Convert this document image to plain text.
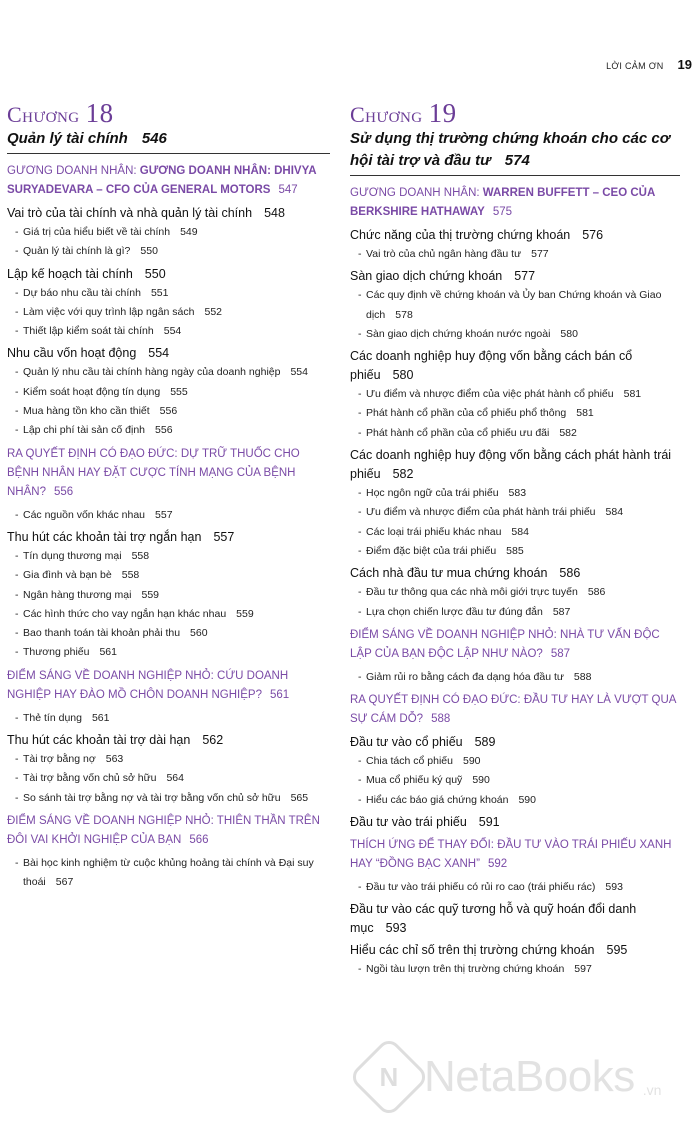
LỜI CẢM ƠN 19
Chương 18
Quản lý tài chính 546
GƯƠNG DOANH NHÂN: GƯƠNG DOANH NHÂN: DHIVYA SURYADEVARA – CFO CỦA GENERAL MOTORS 547
Vai trò của tài chính và nhà quản lý tài chính 548
- Giá trị của hiểu biết về tài chính 549
- Quản lý tài chính là gì? 550
Lập kế hoạch tài chính 550
- Dự báo nhu cầu tài chính 551
- Làm việc với quy trình lập ngân sách 552
- Thiết lập kiểm soát tài chính 554
Nhu cầu vốn hoạt động 554
- Quản lý nhu cầu tài chính hàng ngày của doanh nghiệp 554
- Kiểm soát hoạt động tín dụng 555
- Mua hàng tồn kho cần thiết 556
- Lập chi phí tài sản cố định 556
RA QUYẾT ĐỊNH CÓ ĐẠO ĐỨC: DỰ TRỮ THUỐC CHO BỆNH NHÂN HAY ĐẶT CƯỢC TÍNH MẠNG CỦA BỆNH NHÂN? 556
- Các nguồn vốn khác nhau 557
Thu hút các khoản tài trợ ngắn hạn 557
- Tín dụng thương mại 558
- Gia đình và bạn bè 558
- Ngân hàng thương mại 559
- Các hình thức cho vay ngắn hạn khác nhau 559
- Bao thanh toán tài khoản phải thu 560
- Thương phiếu 561
ĐIỂM SÁNG VỀ DOANH NGHIỆP NHỎ: CỨU DOANH NGHIỆP HAY ĐÀO MỒ CHÔN DOANH NGHIỆP? 561
- Thẻ tín dụng 561
Thu hút các khoản tài trợ dài hạn 562
- Tài trợ bằng nợ 563
- Tài trợ bằng vốn chủ sở hữu 564
- So sánh tài trợ bằng nợ và tài trợ bằng vốn chủ sở hữu 565
ĐIỂM SÁNG VỀ DOANH NGHIỆP NHỎ: THIÊN THẦN TRÊN ĐÔI VAI KHỞI NGHIỆP CỦA BẠN 566
- Bài học kinh nghiệm từ cuộc khủng hoảng tài chính và Đại suy thoái 567
Chương 19
Sử dụng thị trường chứng khoán cho các cơ hội tài trợ và đầu tư 574
GƯƠNG DOANH NHÂN: WARREN BUFFETT – CEO CỦA BERKSHIRE HATHAWAY 575
Chức năng của thị trường chứng khoán 576
- Vai trò của chủ ngân hàng đầu tư 577
Sàn giao dịch chứng khoán 577
- Các quy định về chứng khoán và Ủy ban Chứng khoán và Giao dịch 578
- Sàn giao dịch chứng khoán nước ngoài 580
Các doanh nghiệp huy động vốn bằng cách bán cổ phiếu 580
- Ưu điểm và nhược điểm của việc phát hành cổ phiếu 581
- Phát hành cổ phần của cổ phiếu phổ thông 581
- Phát hành cổ phần của cổ phiếu ưu đãi 582
Các doanh nghiệp huy động vốn bằng cách phát hành trái phiếu 582
- Học ngôn ngữ của trái phiếu 583
- Ưu điểm và nhược điểm của phát hành trái phiếu 584
- Các loại trái phiếu khác nhau 584
- Điểm đặc biệt của trái phiếu 585
Cách nhà đầu tư mua chứng khoán 586
- Đầu tư thông qua các nhà môi giới trực tuyến 586
- Lựa chọn chiến lược đầu tư đúng đắn 587
ĐIỂM SÁNG VỀ DOANH NGHIỆP NHỎ: NHÀ TƯ VẤN ĐỘC LẬP CỦA BẠN ĐỘC LẬP NHƯ NÀO? 587
- Giảm rủi ro bằng cách đa dạng hóa đầu tư 588
RA QUYẾT ĐỊNH CÓ ĐẠO ĐỨC: ĐẦU TƯ HAY LÀ VƯỢT QUA SỰ CÁM DỖ? 588
Đầu tư vào cổ phiếu 589
- Chia tách cổ phiếu 590
- Mua cổ phiếu ký quỹ 590
- Hiểu các báo giá chứng khoán 590
Đầu tư vào trái phiếu 591
THÍCH ỨNG ĐỂ THAY ĐỔI: ĐẦU TƯ VÀO TRÁI PHIẾU XANH HAY “ĐỒNG BẠC XANH” 592
- Đầu tư vào trái phiếu có rủi ro cao (trái phiếu rác) 593
Đầu tư vào các quỹ tương hỗ và quỹ hoán đổi danh mục 593
Hiểu các chỉ số trên thị trường chứng khoán 595
- Ngồi tàu lượn trên thị trường chứng khoán 597
N NetaBooks .vn
